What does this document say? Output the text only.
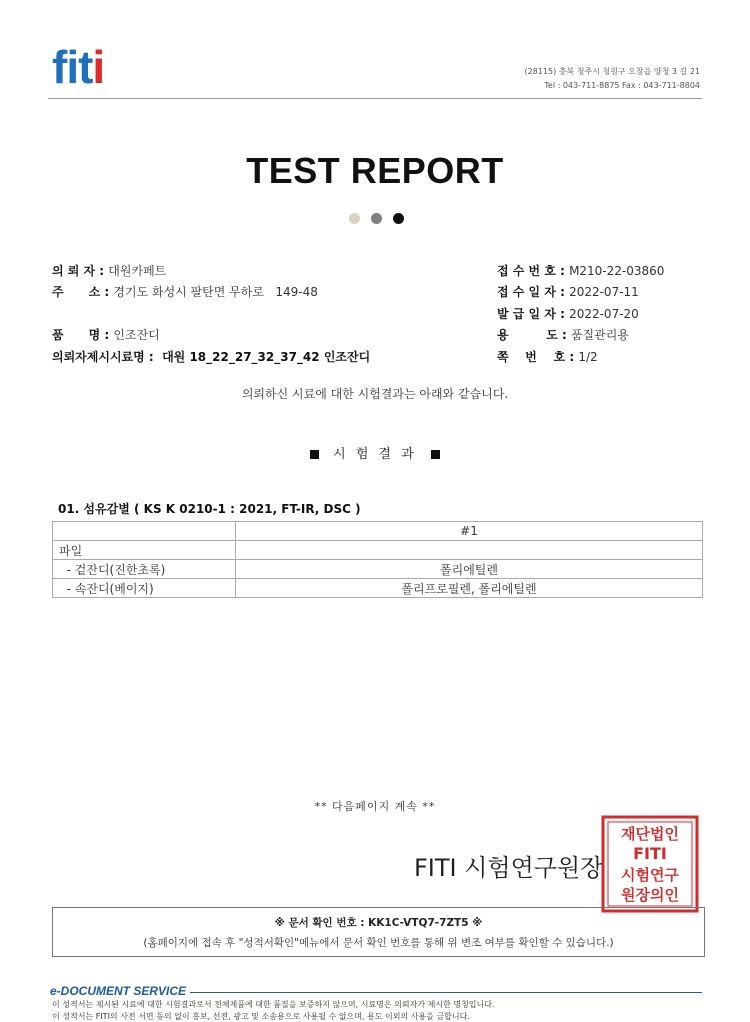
fiti	(28115) 충북 청주시 청원구 오창읍 양청 3 길 21
Tel : 043-711-8875 Fax : 043-711-8804
TEST REPORT
의 뢰 자 : 대원카페트
주      소 : 경기도 화성시 팔탄면 무하로   149-48
품      명 : 인조잔디
의뢰자제시시료명 :  대원 18_22_27_32_37_42 인조잔디
접 수 번 호 : M210-22-03860
접 수 일 자 : 2022-07-11
발 급 일 자 : 2022-07-20
용         도 : 품질관리용
쪽    번    호 : 1/2
의뢰하신 시료에 대한 시험결과는 아래와 같습니다.
시 험 결 과
01. 섬유감별 ( KS K 0210-1 : 2021, FT-IR, DSC )
	#1
파일	
- 겉잔디(진한초록)	폴리에틸렌
- 속잔디(베이지)	폴리프로필렌, 폴리에틸렌
** 다음페이지 계속 **
FITI 시험연구원장
재단법인
FITI
시험연구
원장의인
※ 문서 확인 번호 : KK1C-VTQ7-7ZT5 ※
(홈페이지에 접속 후 "성적서확인"메뉴에서 문서 확인 번호를 통해 위 변조 여부를 확인할 수 있습니다.)
e-DOCUMENT SERVICE
이 성적서는 제시된 시료에 대한 시험결과로서 전체제품에 대한 품질을 보증하지 않으며, 시료명은 의뢰자가 제시한 명칭입니다.
이 성적서는 FITI의 사전 서면 동의 없이 홍보, 선전, 광고 및 소송용으로 사용될 수 없으며, 용도 이외의 사용을 금합니다.
